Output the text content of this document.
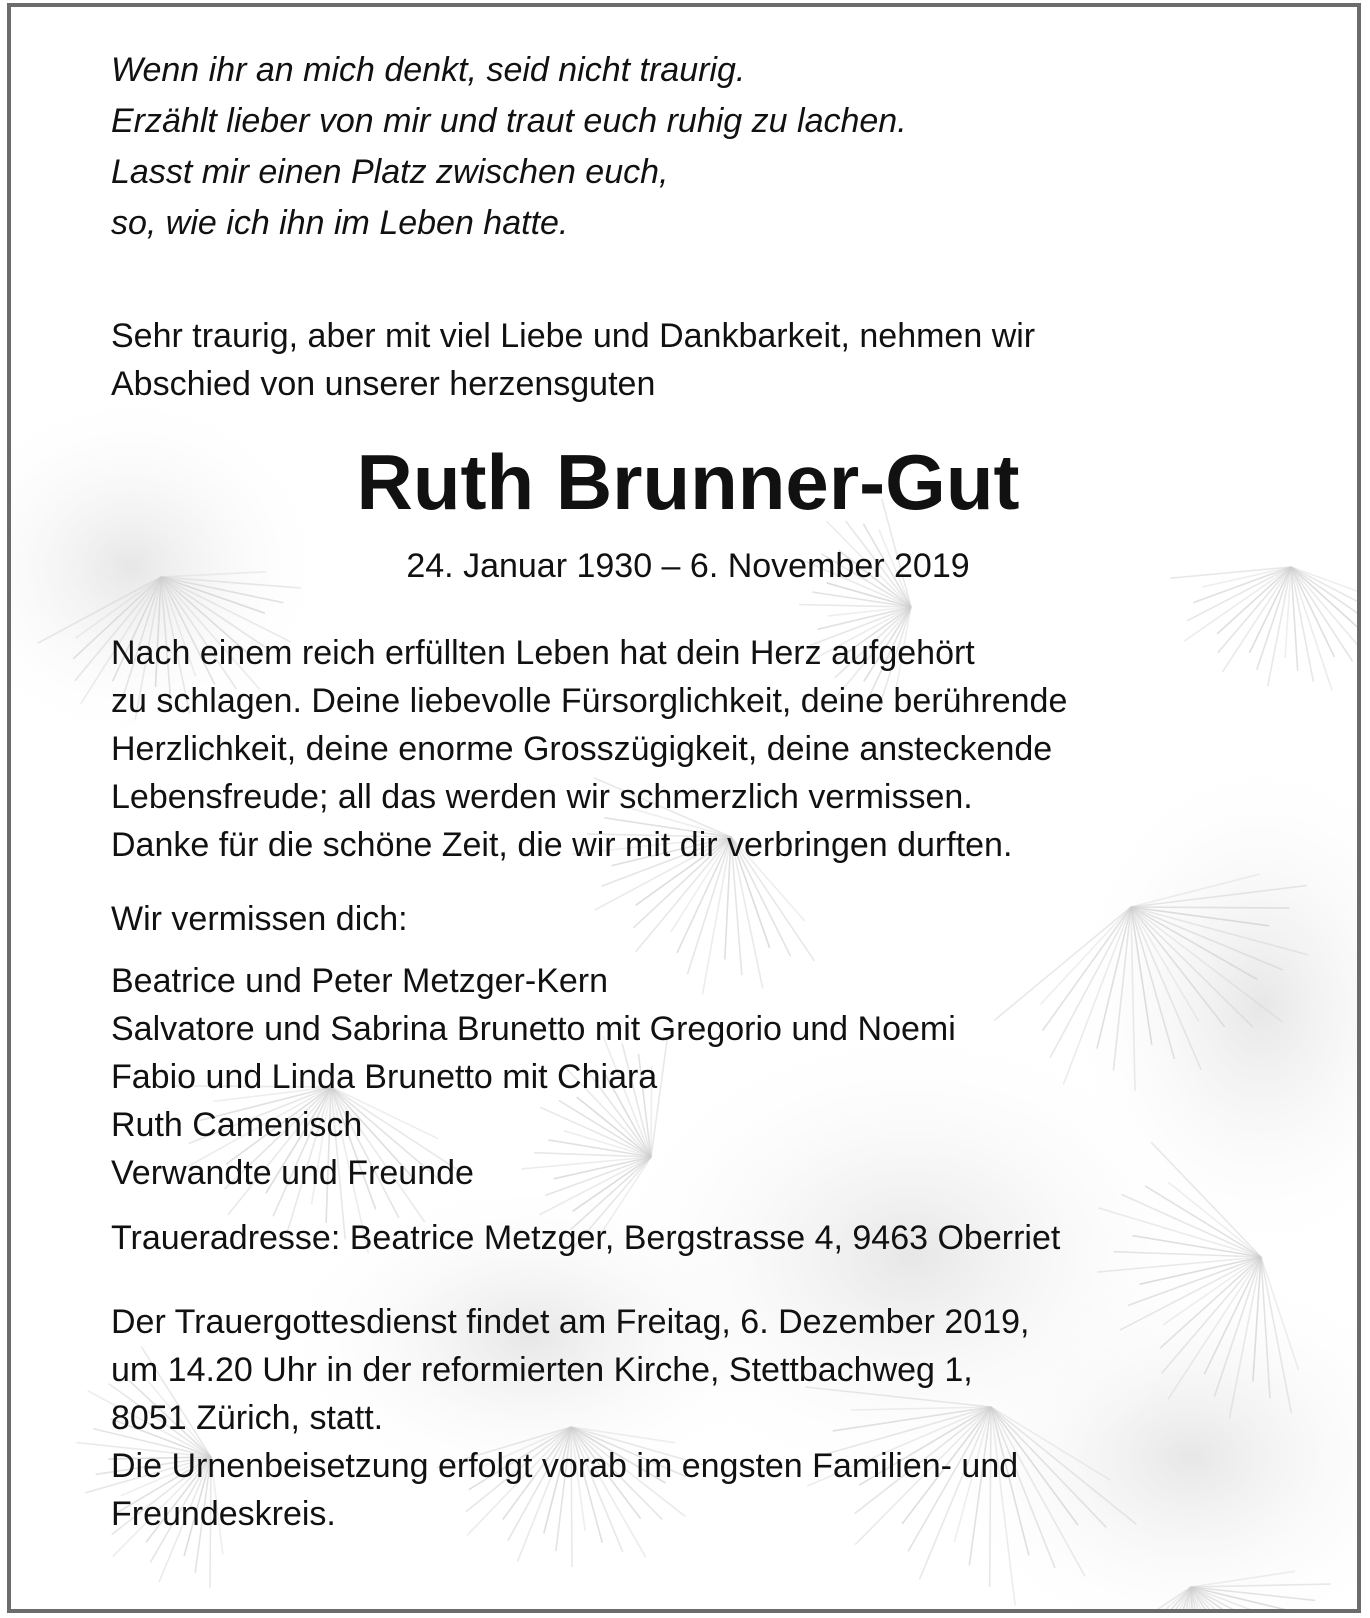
Wenn ihr an mich denkt, seid nicht traurig.
Erzählt lieber von mir und traut euch ruhig zu lachen.
Lasst mir einen Platz zwischen euch,
so, wie ich ihn im Leben hatte.
Sehr traurig, aber mit viel Liebe und Dankbarkeit, nehmen wir
Abschied von unserer herzensguten
Ruth Brunner-Gut
24. Januar 1930 – 6. November 2019
Nach einem reich erfüllten Leben hat dein Herz aufgehört
zu schlagen. Deine liebevolle Fürsorglichkeit, deine berührende
Herzlichkeit, deine enorme Grosszügigkeit, deine ansteckende
Lebensfreude; all das werden wir schmerzlich vermissen.
Danke für die schöne Zeit, die wir mit dir verbringen durften.
Wir vermissen dich:
Beatrice und Peter Metzger-Kern
Salvatore und Sabrina Brunetto mit Gregorio und Noemi
Fabio und Linda Brunetto mit Chiara
Ruth Camenisch
Verwandte und Freunde
Traueradresse: Beatrice Metzger, Bergstrasse 4, 9463 Oberriet
Der Trauergottesdienst findet am Freitag, 6. Dezember 2019,
um 14.20 Uhr in der reformierten Kirche, Stettbachweg 1,
8051 Zürich, statt.
Die Urnenbeisetzung erfolgt vorab im engsten Familien- und
Freundeskreis.
